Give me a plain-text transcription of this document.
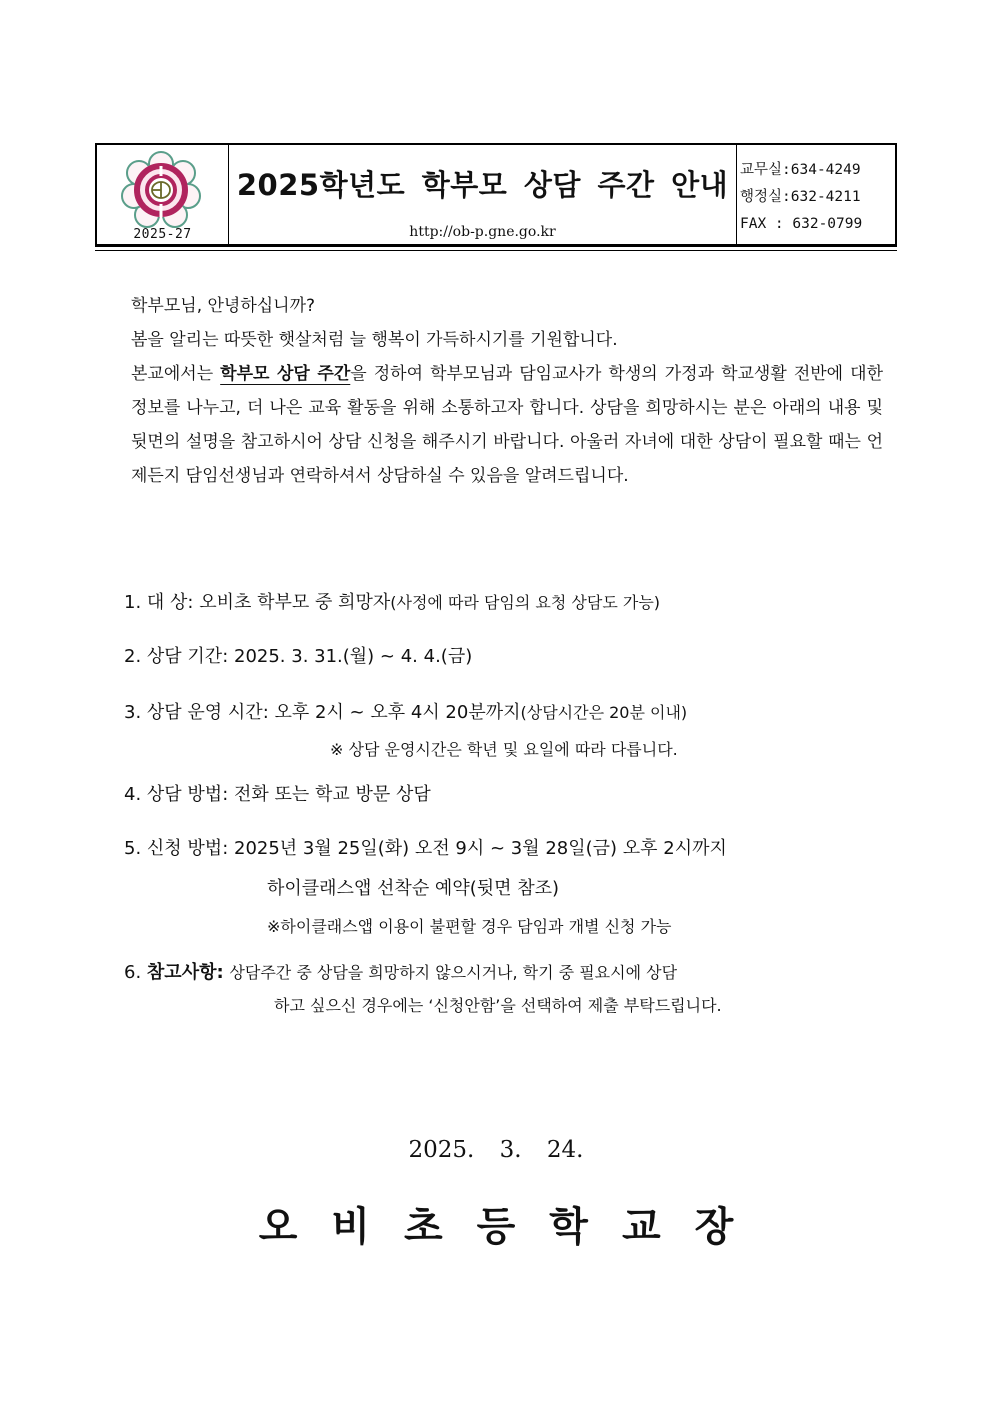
2025-27
2025학년도 학부모 상담 주간 안내
http://ob-p.gne.go.kr
교무실:634-4249
행정실:632-4211
FAX : 632-0799

학부모님, 안녕하십니까?

봄을 알리는 따뜻한 햇살처럼 늘 행복이 가득하시기를 기원합니다.

본교에서는 학부모 상담 주간을 정하여 학부모님과 담임교사가 학생의 가정과 학교생활 전반에 대한 정보를 나누고, 더 나은 교육 활동을 위해 소통하고자 합니다. 상담을 희망하시는 분은 아래의 내용 및 뒷면의 설명을 참고하시어 상담 신청을 해주시기 바랍니다. 아울러 자녀에 대한 상담이 필요할 때는 언제든지 담임선생님과 연락하셔서 상담하실 수 있음을 알려드립니다.

1. 대 상: 오비초 학부모 중 희망자(사정에 따라 담임의 요청 상담도 가능)
2. 상담 기간: 2025. 3. 31.(월) ~ 4. 4.(금)
3. 상담 운영 시간: 오후 2시 ~ 오후 4시 20분까지(상담시간은 20분 이내)
※ 상담 운영시간은 학년 및 요일에 따라 다릅니다.
4. 상담 방법: 전화 또는 학교 방문 상담
5. 신청 방법: 2025년 3월 25일(화) 오전 9시 ~ 3월 28일(금) 오후 2시까지
하이클래스앱 선착순 예약(뒷면 참조)
※하이클래스앱 이용이 불편할 경우 담임과 개별 신청 가능
6. 참고사항: 상담주간 중 상담을 희망하지 않으시거나, 학기 중 필요시에 상담
하고 싶으신 경우에는 ‘신청안함’을 선택하여 제출 부탁드립니다.
2025. 3. 24.
오비초등학교장
